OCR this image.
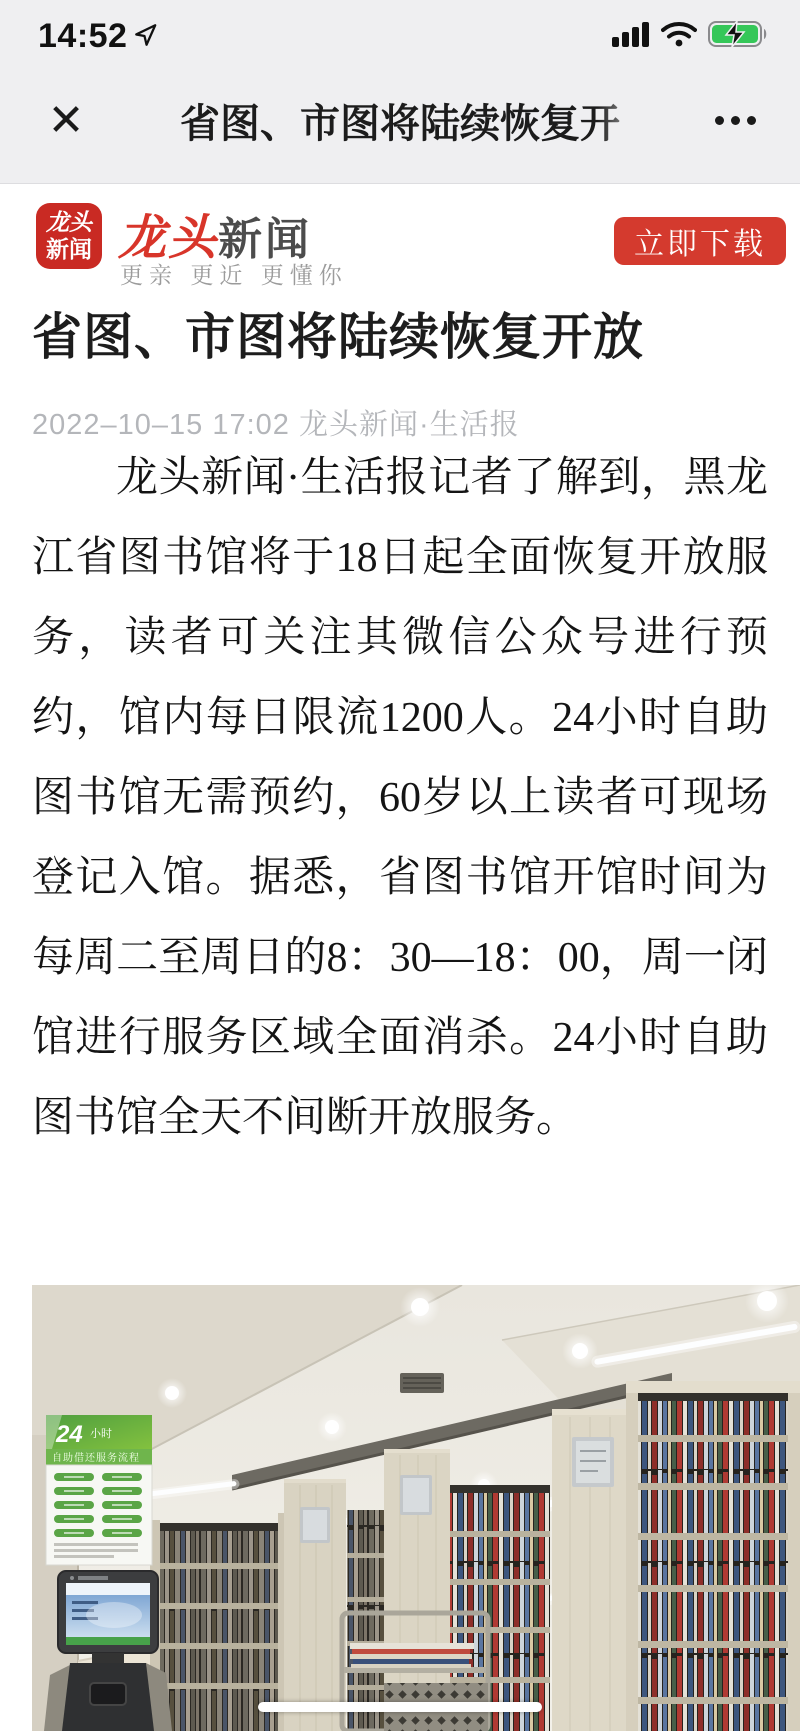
14:52
✕	省图、市图将陆续恢复开
龙头
新闻 龙头新闻
更亲 更近 更懂你
立即下载
省图、市图将陆续恢复开放
2022–10–15 17:02 龙头新闻·生活报

龙头新闻·生活报记者了解到，黑龙江省图书馆将于18日起全面恢复开放服务，读者可关注其微信公众号进行预约，馆内每日限流1200人。24小时自助图书馆无需预约，60岁以上读者可现场登记入馆。据悉，省图书馆开馆时间为每周二至周日的8：30—18：00，周一闭馆进行服务区域全面消杀。24小时自助图书馆全天不间断开放服务。

24 小时
自助借还服务流程
